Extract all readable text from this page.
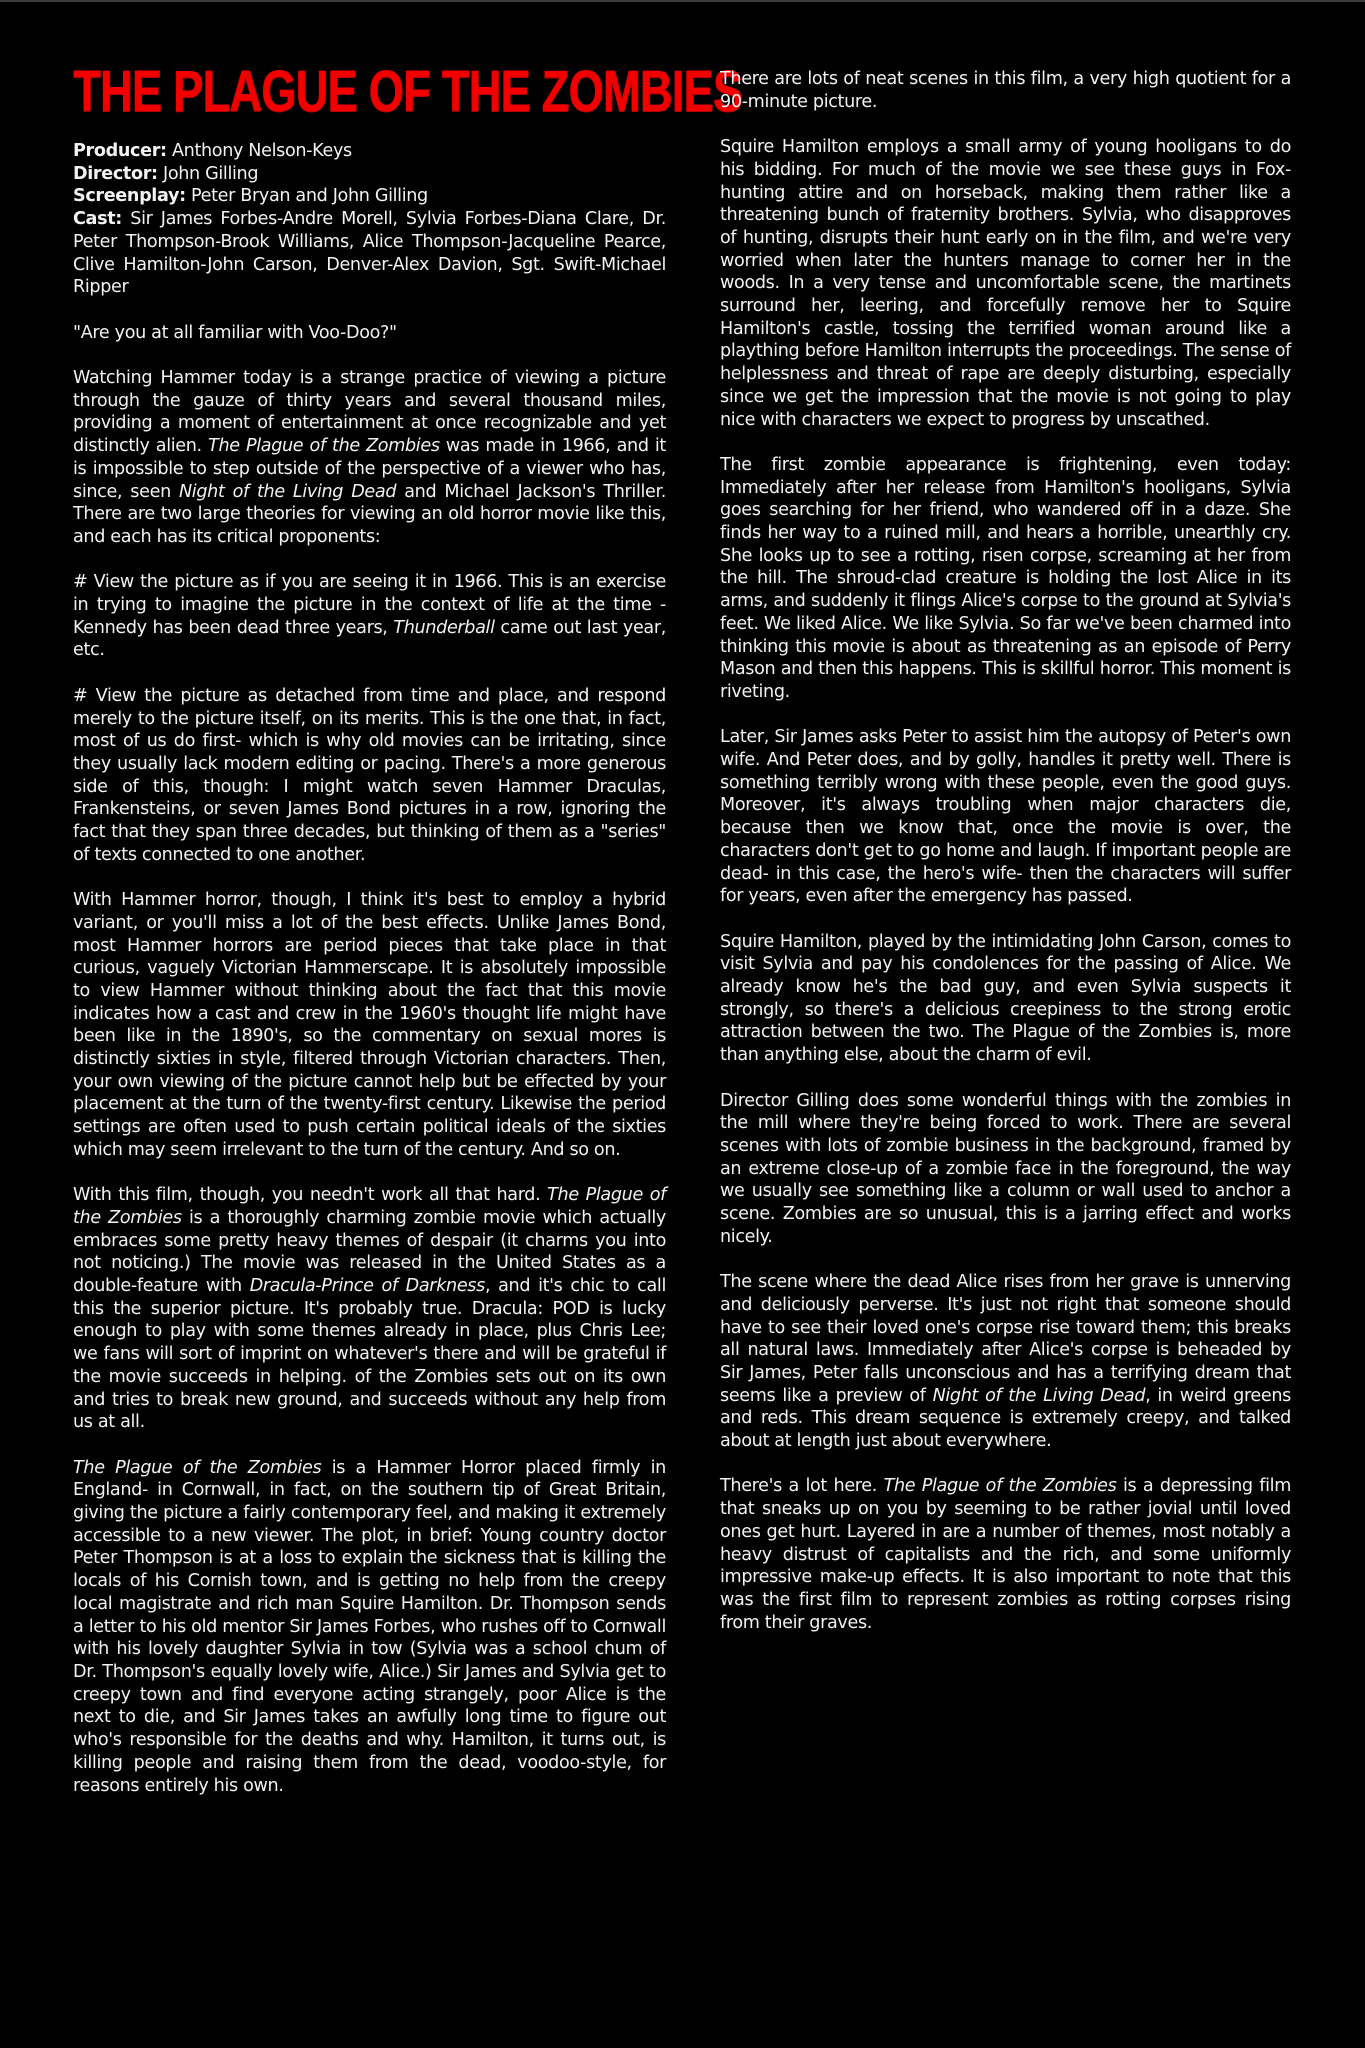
THE PLAGUE OF THE ZOMBIES

Producer: Anthony Nelson-Keys

Director: John Gilling

Screenplay: Peter Bryan and John Gilling

Cast: Sir James Forbes-Andre Morell, Sylvia Forbes-Diana Clare, Dr. Peter Thompson-Brook Williams, Alice Thompson-Jacqueline Pearce, Clive Hamilton-John Carson, Denver-Alex Davion, Sgt. Swift-Michael Ripper

"Are you at all familiar with Voo-Doo?"

Watching Hammer today is a strange practice of viewing a picture through the gauze of thirty years and several thousand miles, providing a moment of entertainment at once recognizable and yet distinctly alien. The Plague of the Zombies was made in 1966, and it is impossible to step outside of the perspective of a viewer who has, since, seen Night of the Living Dead and Michael Jackson's Thriller. There are two large theories for viewing an old horror movie like this, and each has its critical proponents:

# View the picture as if you are seeing it in 1966. This is an exercise in trying to imagine the picture in the context of life at the time - Kennedy has been dead three years, Thunderball came out last year, etc.

# View the picture as detached from time and place, and respond merely to the picture itself, on its merits. This is the one that, in fact, most of us do first- which is why old movies can be irritating, since they usually lack modern editing or pacing. There's a more generous side of this, though: I might watch seven Hammer Draculas, Frankensteins, or seven James Bond pictures in a row, ignoring the fact that they span three decades, but thinking of them as a "series" of texts connected to one another.

With Hammer horror, though, I think it's best to employ a hybrid variant, or you'll miss a lot of the best effects. Unlike James Bond, most Hammer horrors are period pieces that take place in that curious, vaguely Victorian Hammerscape. It is absolutely impossible to view Hammer without thinking about the fact that this movie indicates how a cast and crew in the 1960's thought life might have been like in the 1890's, so the commentary on sexual mores is distinctly sixties in style, filtered through Victorian characters. Then, your own viewing of the picture cannot help but be effected by your placement at the turn of the twenty-first century. Likewise the period settings are often used to push certain political ideals of the sixties which may seem irrelevant to the turn of the century. And so on.

With this film, though, you needn't work all that hard. The Plague of the Zombies is a thoroughly charming zombie movie which actually embraces some pretty heavy themes of despair (it charms you into not noticing.) The movie was released in the United States as a double-feature with Dracula-Prince of Darkness, and it's chic to call this the superior picture. It's probably true. Dracula: POD is lucky enough to play with some themes already in place, plus Chris Lee; we fans will sort of imprint on whatever's there and will be grateful if the movie succeeds in helping. of the Zombies sets out on its own and tries to break new ground, and succeeds without any help from us at all.

The Plague of the Zombies is a Hammer Horror placed firmly in England- in Cornwall, in fact, on the southern tip of Great Britain, giving the picture a fairly contemporary feel, and making it extremely accessible to a new viewer. The plot, in brief: Young country doctor Peter Thompson is at a loss to explain the sickness that is killing the locals of his Cornish town, and is getting no help from the creepy local magistrate and rich man Squire Hamilton. Dr. Thompson sends a letter to his old mentor Sir James Forbes, who rushes off to Cornwall with his lovely daughter Sylvia in tow (Sylvia was a school chum of Dr. Thompson's equally lovely wife, Alice.) Sir James and Sylvia get to creepy town and find everyone acting strangely, poor Alice is the next to die, and Sir James takes an awfully long time to figure out who's responsible for the deaths and why. Hamilton, it turns out, is killing people and raising them from the dead, voodoo-style, for reasons entirely his own.

There are lots of neat scenes in this film, a very high quotient for a 90-minute picture.

Squire Hamilton employs a small army of young hooligans to do his bidding. For much of the movie we see these guys in Fox-hunting attire and on horseback, making them rather like a threatening bunch of fraternity brothers. Sylvia, who disapproves of hunting, disrupts their hunt early on in the film, and we're very worried when later the hunters manage to corner her in the woods. In a very tense and uncomfortable scene, the martinets surround her, leering, and forcefully remove her to Squire Hamilton's castle, tossing the terrified woman around like a plaything before Hamilton interrupts the proceedings. The sense of helplessness and threat of rape are deeply disturbing, especially since we get the impression that the movie is not going to play nice with characters we expect to progress by unscathed.

The first zombie appearance is frightening, even today: Immediately after her release from Hamilton's hooligans, Sylvia goes searching for her friend, who wandered off in a daze. She finds her way to a ruined mill, and hears a horrible, unearthly cry. She looks up to see a rotting, risen corpse, screaming at her from the hill. The shroud-clad creature is holding the lost Alice in its arms, and suddenly it flings Alice's corpse to the ground at Sylvia's feet. We liked Alice. We like Sylvia. So far we've been charmed into thinking this movie is about as threatening as an episode of Perry Mason and then this happens. This is skillful horror. This moment is riveting.

Later, Sir James asks Peter to assist him the autopsy of Peter's own wife. And Peter does, and by golly, handles it pretty well. There is something terribly wrong with these people, even the good guys. Moreover, it's always troubling when major characters die, because then we know that, once the movie is over, the characters don't get to go home and laugh. If important people are dead- in this case, the hero's wife- then the characters will suffer for years, even after the emergency has passed.

Squire Hamilton, played by the intimidating John Carson, comes to visit Sylvia and pay his condolences for the passing of Alice. We already know he's the bad guy, and even Sylvia suspects it strongly, so there's a delicious creepiness to the strong erotic attraction between the two. The Plague of the Zombies is, more than anything else, about the charm of evil.

Director Gilling does some wonderful things with the zombies in the mill where they're being forced to work. There are several scenes with lots of zombie business in the background, framed by an extreme close-up of a zombie face in the foreground, the way we usually see something like a column or wall used to anchor a scene. Zombies are so unusual, this is a jarring effect and works nicely.

The scene where the dead Alice rises from her grave is unnerving and deliciously perverse. It's just not right that someone should have to see their loved one's corpse rise toward them; this breaks all natural laws. Immediately after Alice's corpse is beheaded by Sir James, Peter falls unconscious and has a terrifying dream that seems like a preview of Night of the Living Dead, in weird greens and reds. This dream sequence is extremely creepy, and talked about at length just about everywhere.

There's a lot here. The Plague of the Zombies is a depressing film that sneaks up on you by seeming to be rather jovial until loved ones get hurt. Layered in are a number of themes, most notably a heavy distrust of capitalists and the rich, and some uniformly impressive make-up effects. It is also important to note that this was the first film to represent zombies as rotting corpses rising from their graves.
